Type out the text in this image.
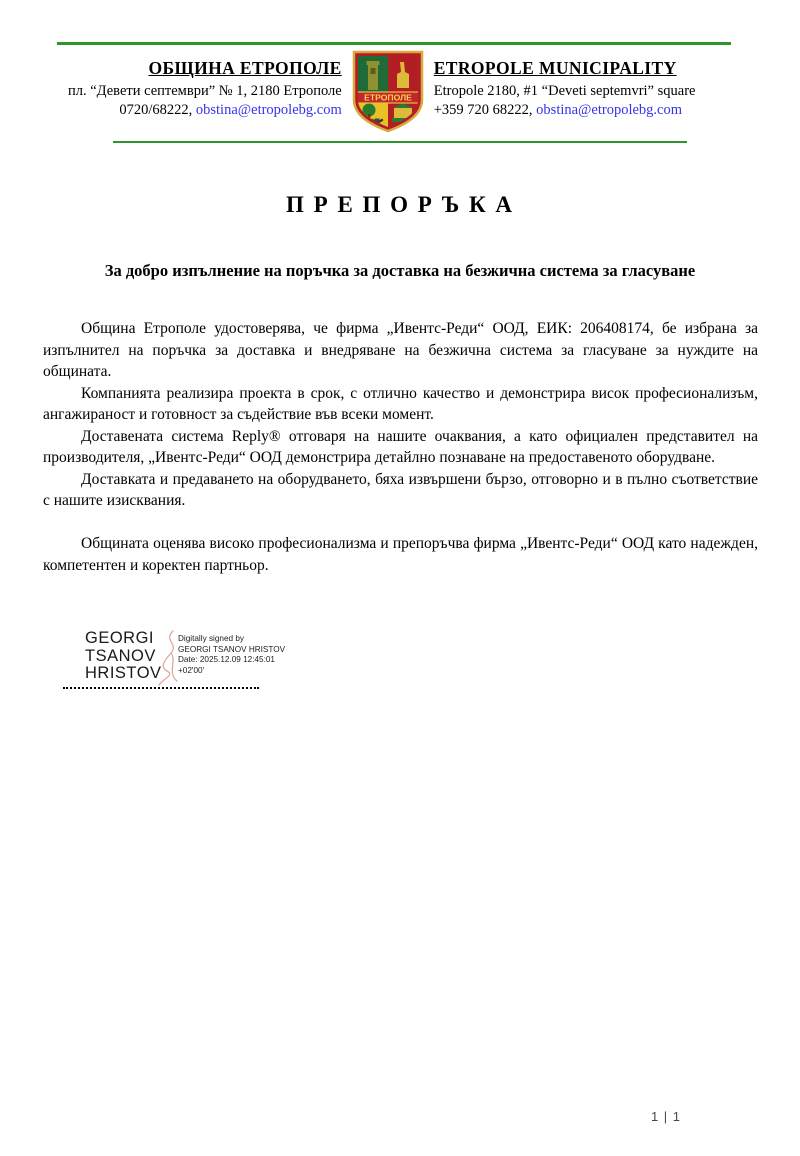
ОБЩИНА ЕТРОПОЛЕ
пл. “Девети септември” № 1, 2180 Етрополе
0720/68222, obstina@etropolebg.com
ЕТРОПОЛЕ
ETROPOLE MUNICIPALITY
Etropole 2180, #1 “Deveti septemvri” square
+359 720 68222, obstina@etropolebg.com
П Р Е П О Р Ъ К А
За добро изпълнение на поръчка за доставка на безжична система за гласуване

Община Етрополе удостоверява, че фирма „Ивентс-Реди“ ООД, ЕИК: 206408174, бе избрана за изпълнител на поръчка за доставка и внедряване на безжична система за гласуване за нуждите на общината.

Компанията реализира проекта в срок, с отлично качество и демонстрира висок професионализъм, ангажираност и готовност за съдействие във всеки момент.

Доставената система Reply® отговаря на нашите очаквания, а като официален представител на производителя, „Ивентс-Реди“ ООД демонстрира детайлно познаване на предоставеното оборудване.

Доставката и предаването на оборудването, бяха извършени бързо, отговорно и в пълно съответствие с нашите изисквания.

Общината оценява високо професионализма и препоръчва фирма „Ивентс-Реди“ ООД като надежден, компетентен и коректен партньор.

GEORGI
TSANOV
HRISTOV
Digitally signed by
GEORGI TSANOV HRISTOV
Date: 2025.12.09 12:45:01
+02'00'
1 | 1
